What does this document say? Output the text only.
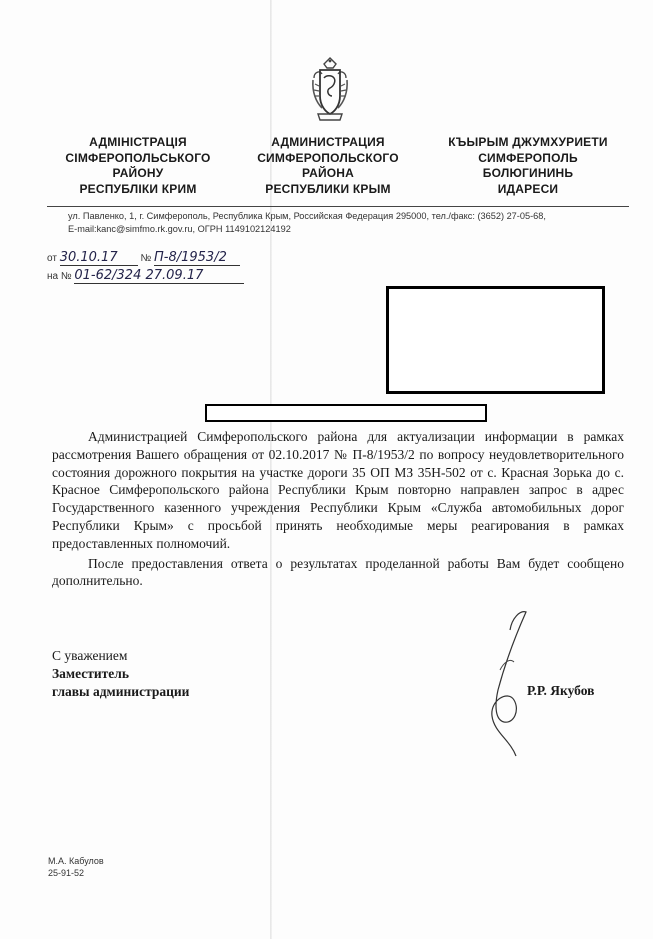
АДМІНІСТРАЦІЯ
СІМФЕРОПОЛЬСЬКОГО
РАЙОНУ
РЕСПУБЛІКИ КРИМ
АДМИНИСТРАЦИЯ
СИМФЕРОПОЛЬСКОГО
РАЙОНА
РЕСПУБЛИКИ КРЫМ
КЪЫРЫМ ДЖУМХУРИЕТИ
СИМФЕРОПОЛЬ
БОЛЮГИНИНЬ
ИДАРЕСИ
ул. Павленко, 1, г. Симферополь, Республика Крым, Российская Федерация 295000, тел./факс: (3652) 27-05-68,
E-mail:kanc@simfmo.rk.gov.ru, ОГРН 1149102124192
от 30.10.17 № П-8/1953/2
на № 01-62/324 27.09.17

Администрацией Симферопольского района для актуализации информации в рамках рассмотрения Вашего обращения от 02.10.2017 № П-8/1953/2 по вопросу неудовлетворительного состояния дорожного покрытия на участке дороги 35 ОП МЗ 35Н-502 от с. Красная Зорька до с. Красное Симферопольского района Республики Крым повторно направлен запрос в адрес Государственного казенного учреждения Республики Крым «Служба автомобильных дорог Республики Крым» с просьбой принять необходимые меры реагирования в рамках предоставленных полномочий.

После предоставления ответа о результатах проделанной работы Вам будет сообщено дополнительно.

С уважением
Заместитель
главы администрации	Р.Р. Якубов
М.А. Кабулов
25-91-52
